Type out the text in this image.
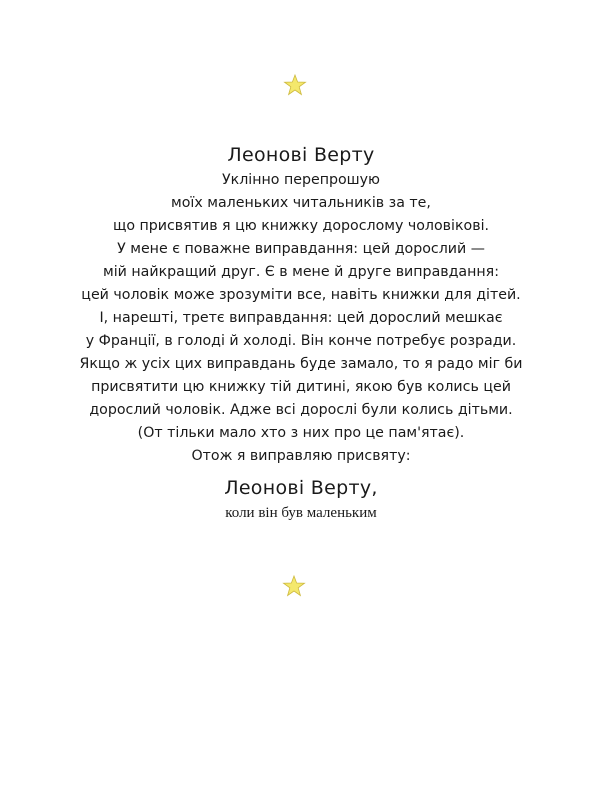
Леонові Верту
Уклінно перепрошую
моїх маленьких читальників за те,
що присвятив я цю книжку дорослому чоловікові.
У мене є поважне виправдання: цей дорослий —
мій найкращий друг. Є в мене й друге виправдання:
цей чоловік може зрозуміти все, навіть книжки для дітей.
І, нарешті, третє виправдання: цей дорослий мешкає
у Франції, в голоді й холоді. Він конче потребує розради.
Якщо ж усіх цих виправдань буде замало, то я радо міг би
присвятити цю книжку тій дитині, якою був колись цей
дорослий чоловік. Адже всі дорослі були колись дітьми.
(От тільки мало хто з них про це пам'ятає).
Отож я виправляю присвяту:
Леонові Верту,
коли він був маленьким
